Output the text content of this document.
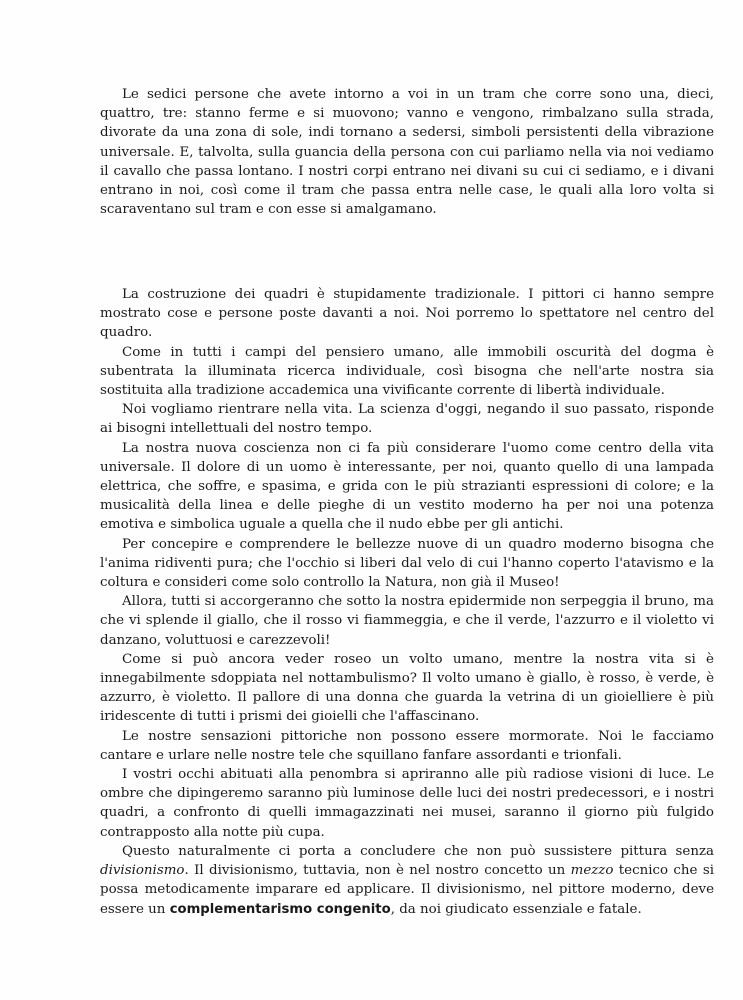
Le sedici persone che avete intorno a voi in un tram che corre sono una, dieci, quattro, tre: stanno ferme e si muovono; vanno e vengono, rimbalzano sulla strada, divorate da una zona di sole, indi tornano a sedersi, simboli persistenti della vibrazione universale. E, talvolta, sulla guancia della persona con cui parliamo nella via noi vediamo il cavallo che passa lontano. I nostri corpi entrano nei divani su cui ci sediamo, e i divani entrano in noi, così come il tram che passa entra nelle case, le quali alla loro volta si scaraventano sul tram e con esse si amalgamano.

La costruzione dei quadri è stupidamente tradizionale. I pittori ci hanno sempre mostrato cose e persone poste davanti a noi. Noi porremo lo spettatore nel centro del quadro.

Come in tutti i campi del pensiero umano, alle immobili oscurità del dogma è subentrata la illuminata ricerca individuale, così bisogna che nell'arte nostra sia sostituita alla tradizione accademica una vivificante corrente di libertà individuale.

Noi vogliamo rientrare nella vita. La scienza d'oggi, negando il suo passato, risponde ai bisogni intellettuali del nostro tempo.

La nostra nuova coscienza non ci fa più considerare l'uomo come centro della vita universale. Il dolore di un uomo è interessante, per noi, quanto quello di una lampada elettrica, che soffre, e spasima, e grida con le più strazianti espressioni di colore; e la musicalità della linea e delle pieghe di un vestito moderno ha per noi una potenza emotiva e simbolica uguale a quella che il nudo ebbe per gli antichi.

Per concepire e comprendere le bellezze nuove di un quadro moderno bisogna che l'anima ridiventi pura; che l'occhio si liberi dal velo di cui l'hanno coperto l'atavismo e la coltura e consideri come solo controllo la Natura, non già il Museo!

Allora, tutti si accorgeranno che sotto la nostra epidermide non serpeggia il bruno, ma che vi splende il giallo, che il rosso vi fiammeggia, e che il verde, l'azzurro e il violetto vi danzano, voluttuosi e carezzevoli!

Come si può ancora veder roseo un volto umano, mentre la nostra vita si è innegabilmente sdoppiata nel nottambulismo? Il volto umano è giallo, è rosso, è verde, è azzurro, è violetto. Il pallore di una donna che guarda la vetrina di un gioielliere è più iridescente di tutti i prismi dei gioielli che l'affascinano.

Le nostre sensazioni pittoriche non possono essere mormorate. Noi le facciamo cantare e urlare nelle nostre tele che squillano fanfare assordanti e trionfali.

I vostri occhi abituati alla penombra si apriranno alle più radiose visioni di luce. Le ombre che dipingeremo saranno più luminose delle luci dei nostri predecessori, e i nostri quadri, a confronto di quelli immagazzinati nei musei, saranno il giorno più fulgido contrapposto alla notte più cupa.

Questo naturalmente ci porta a concludere che non può sussistere pittura senza divisionismo. Il divisionismo, tuttavia, non è nel nostro concetto un mezzo tecnico che si possa metodicamente imparare ed applicare. Il divisionismo, nel pittore moderno, deve essere un complementarismo congenito, da noi giudicato essenziale e fatale.
